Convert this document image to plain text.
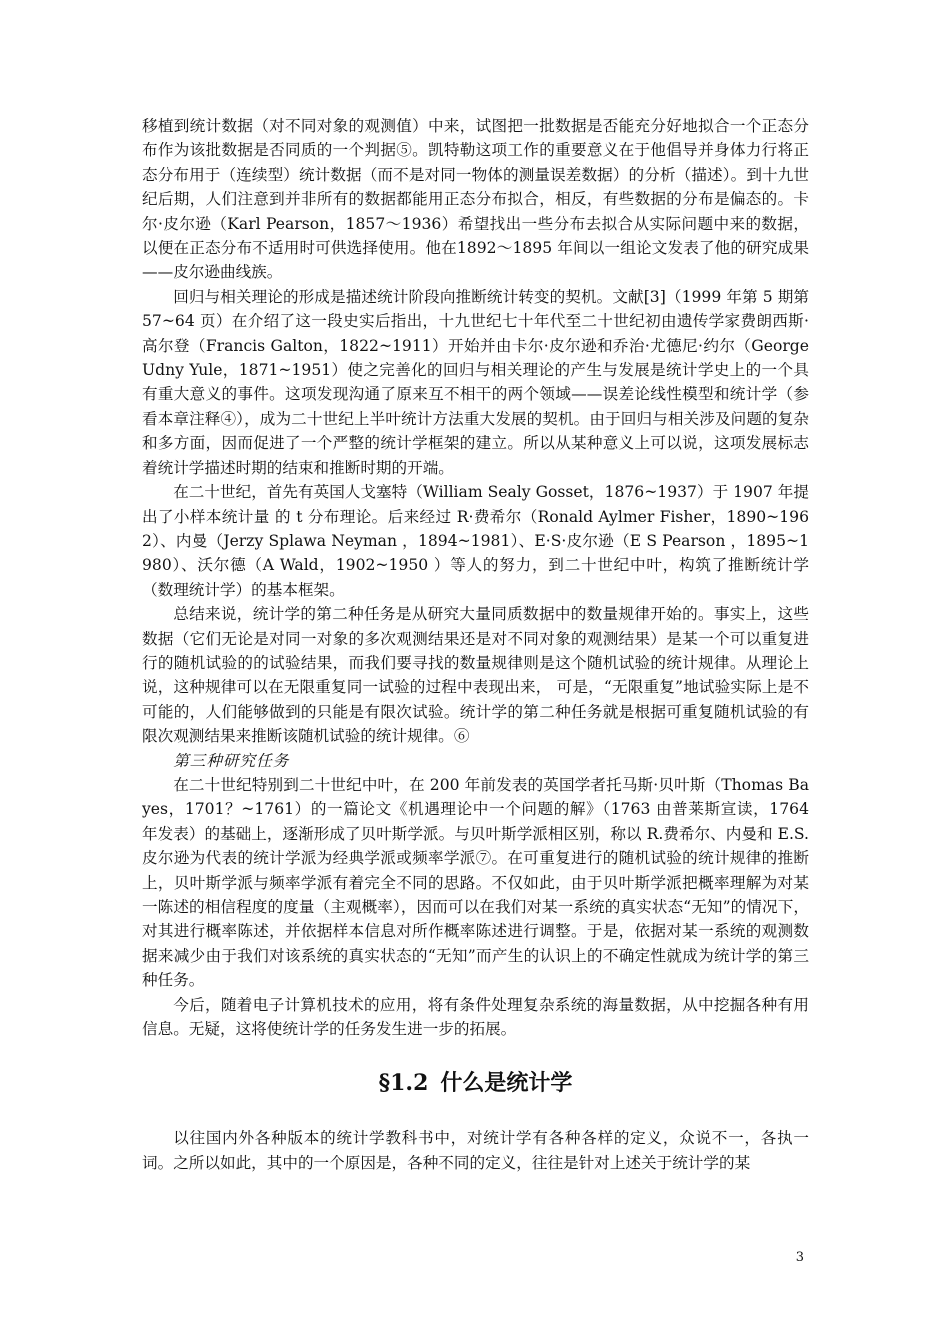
移植到统计数据（对不同对象的观测值）中来，试图把一批数据是否能充分好地拟合一个正态分布作为该批数据是否同质的一个判据⑤。凯特勒这项工作的重要意义在于他倡导并身体力行将正态分布用于（连续型）统计数据（而不是对同一物体的测量误差数据）的分析（描述）。到十九世纪后期，人们注意到并非所有的数据都能用正态分布拟合，相反，有些数据的分布是偏态的。卡尔·皮尔逊（Karl Pearson，1857～1936）希望找出一些分布去拟合从实际问题中来的数据，以便在正态分布不适用时可供选择使用。他在1892～1895 年间以一组论文发表了他的研究成果——皮尔逊曲线族。

回归与相关理论的形成是描述统计阶段向推断统计转变的契机。文献[3]（1999 年第 5 期第 57~64 页）在介绍了这一段史实后指出，十九世纪七十年代至二十世纪初由遗传学家费朗西斯·高尔登（Francis Galton，1822~1911）开始并由卡尔·皮尔逊和乔治·尤德尼·约尔（George Udny Yule，1871~1951）使之完善化的回归与相关理论的产生与发展是统计学史上的一个具有重大意义的事件。这项发现沟通了原来互不相干的两个领域——误差论线性模型和统计学（参看本章注释④），成为二十世纪上半叶统计方法重大发展的契机。由于回归与相关涉及问题的复杂和多方面，因而促进了一个严整的统计学框架的建立。所以从某种意义上可以说，这项发展标志着统计学描述时期的结束和推断时期的开端。

在二十世纪，首先有英国人戈塞特（William Sealy Gosset，1876~1937）于 1907 年提出了小样本统计量 的 t 分布理论。后来经过 R·费希尔（Ronald Aylmer Fisher，1890~1962）、内曼（Jerzy Splawa Neyman ，1894~1981）、E·S·皮尔逊（E S Pearson ，1895~1980）、沃尔德（A Wald，1902~1950 ）等人的努力，到二十世纪中叶，构筑了推断统计学（数理统计学）的基本框架。

总结来说，统计学的第二种任务是从研究大量同质数据中的数量规律开始的。事实上，这些数据（它们无论是对同一对象的多次观测结果还是对不同对象的观测结果）是某一个可以重复进行的随机试验的的试验结果，而我们要寻找的数量规律则是这个随机试验的统计规律。从理论上说，这种规律可以在无限重复同一试验的过程中表现出来， 可是，“无限重复”地试验实际上是不可能的，人们能够做到的只能是有限次试验。统计学的第二种任务就是根据可重复随机试验的有限次观测结果来推断该随机试验的统计规律。⑥

第三种研究任务

在二十世纪特别到二十世纪中叶，在 200 年前发表的英国学者托马斯·贝叶斯（Thomas Bayes，1701？~1761）的一篇论文《机遇理论中一个问题的解》（1763 由普莱斯宣读，1764 年发表）的基础上，逐渐形成了贝叶斯学派。与贝叶斯学派相区别，称以 R.费希尔、内曼和 E.S.皮尔逊为代表的统计学派为经典学派或频率学派⑦。在可重复进行的随机试验的统计规律的推断上，贝叶斯学派与频率学派有着完全不同的思路。不仅如此，由于贝叶斯学派把概率理解为对某一陈述的相信程度的度量（主观概率），因而可以在我们对某一系统的真实状态“无知”的情况下，对其进行概率陈述，并依据样本信息对所作概率陈述进行调整。于是，依据对某一系统的观测数据来减少由于我们对该系统的真实状态的“无知”而产生的认识上的不确定性就成为统计学的第三种任务。

今后，随着电子计算机技术的应用，将有条件处理复杂系统的海量数据，从中挖掘各种有用信息。无疑，这将使统计学的任务发生进一步的拓展。

§1.2 什么是统计学

以往国内外各种版本的统计学教科书中，对统计学有各种各样的定义，众说不一，各执一词。之所以如此，其中的一个原因是，各种不同的定义，往往是针对上述关于统计学的某

3
